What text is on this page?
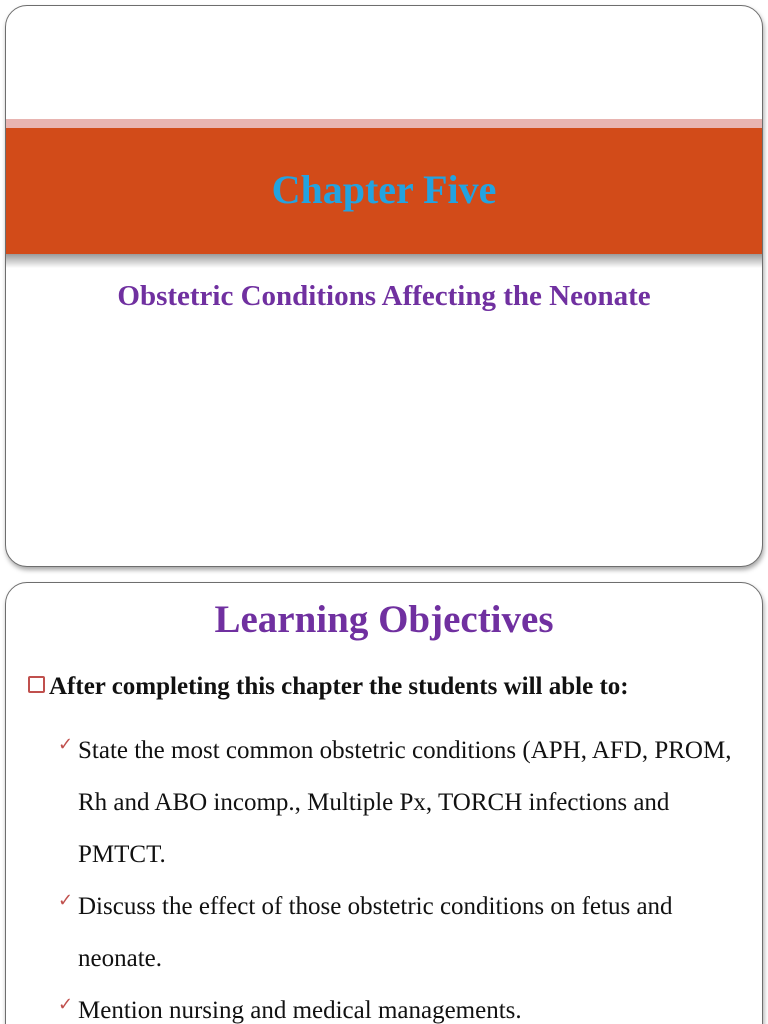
Chapter Five
Obstetric Conditions Affecting the Neonate
Learning Objectives
After completing this chapter the students will able to:
✓ State the most common obstetric conditions (APH, AFD, PROM, Rh and ABO incomp., Multiple Px, TORCH infections and PMTCT.
✓ Discuss the effect of those obstetric conditions on fetus and neonate.
✓ Mention nursing and medical managements.
